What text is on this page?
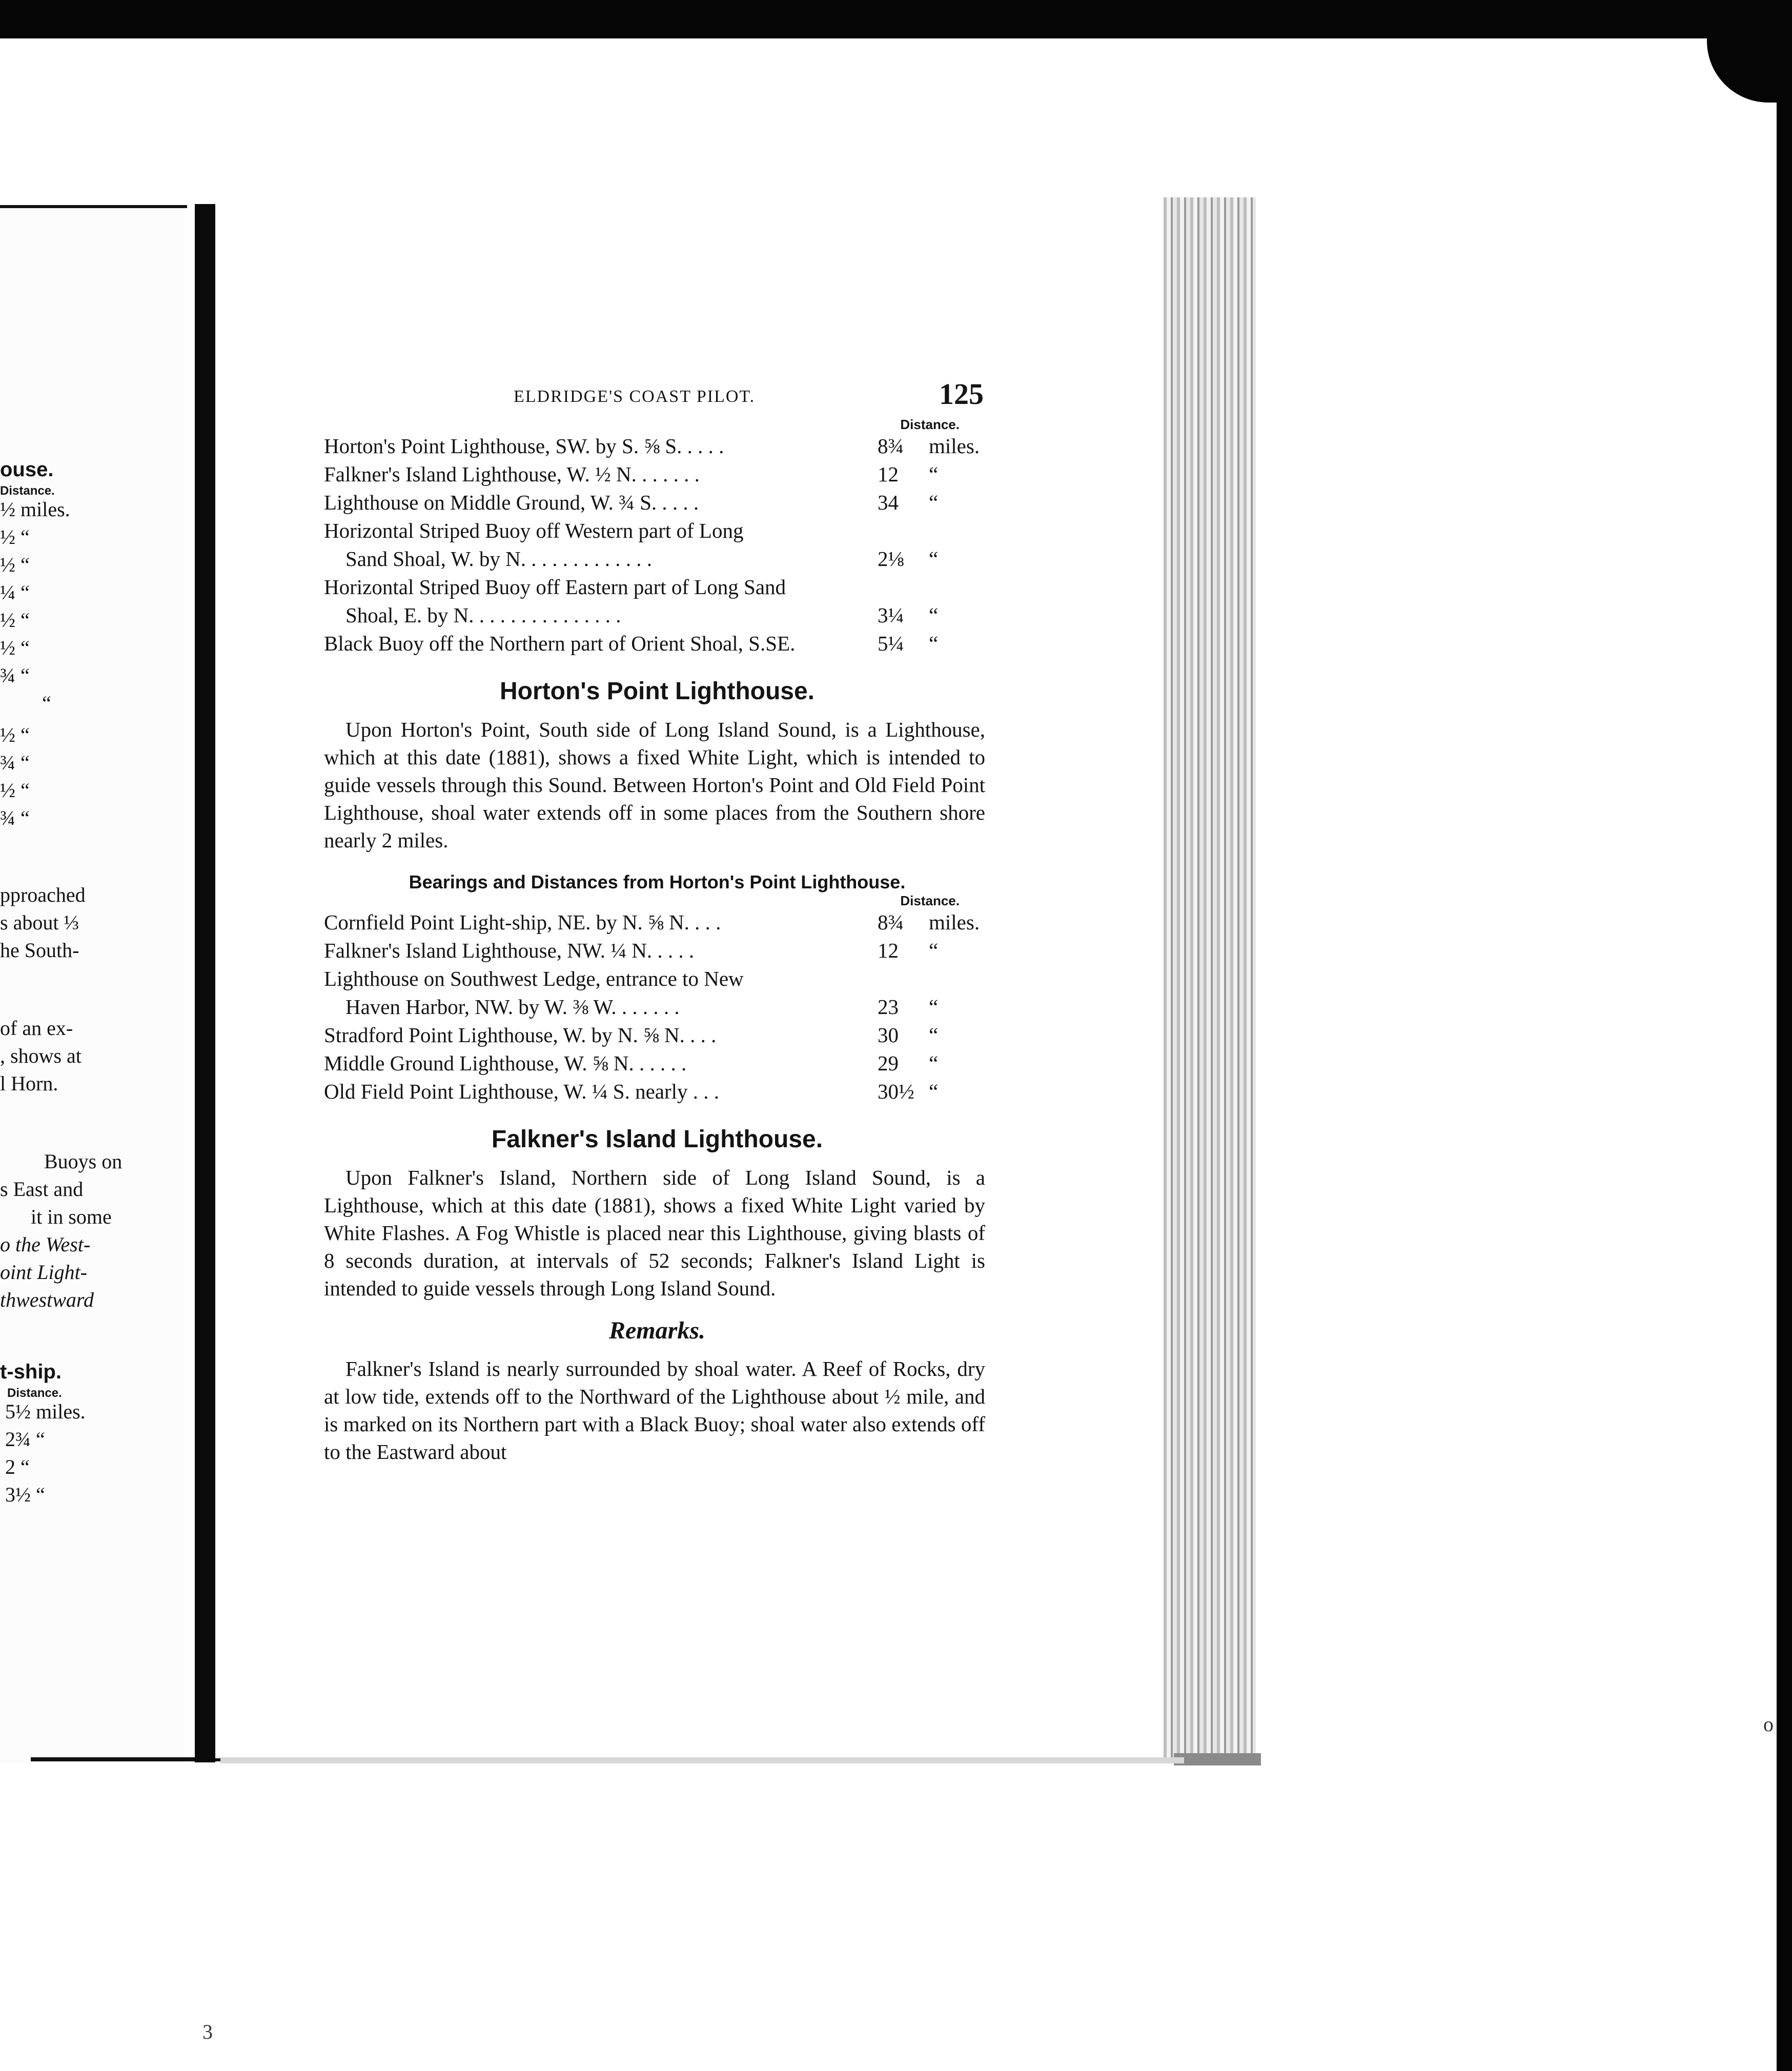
ouse.
Distance.
½ miles.
½ “
½ “
¼ “
½ “
½ “
¾ “
“
½ “
¾ “
½ “
¾ “
pproached
s about ⅓
he South-
of an ex-
, shows at
l Horn.
Buoys on
s East and
it in some
o the West-
oint Light-
thwestward
t-ship.
Distance.
5½ miles.
2¾ “
2 “
3½ “
ELDRIDGE'S COAST PILOT.	125
Distance.
Horton's Point Lighthouse, SW. by S. ⅝ S. . . . .	8¾ miles.
Falkner's Island Lighthouse, W. ½ N. . . . . . .	12 “
Lighthouse on Middle Ground, W. ¾ S. . . . .	34 “
Horizontal Striped Buoy off Western part of Long
Sand Shoal, W. by N. . . . . . . . . . . . .	2⅛ “
Horizontal Striped Buoy off Eastern part of Long Sand
Shoal, E. by N. . . . . . . . . . . . . . .	3¼ “
Black Buoy off the Northern part of Orient Shoal, S.SE.	5¼ “
Horton's Point Lighthouse.
Upon Horton's Point, South side of Long Island Sound, is a Lighthouse, which at this date (1881), shows a fixed White Light, which is intended to guide vessels through this Sound. Between Horton's Point and Old Field Point Lighthouse, shoal water extends off in some places from the Southern shore nearly 2 miles.
Bearings and Distances from Horton's Point Lighthouse.
Distance.
Cornfield Point Light-ship, NE. by N. ⅝ N. . . .	8¾ miles.
Falkner's Island Lighthouse, NW. ¼ N. . . . .	12 “
Lighthouse on Southwest Ledge, entrance to New
Haven Harbor, NW. by W. ⅜ W. . . . . . .	23 “
Stradford Point Lighthouse, W. by N. ⅝ N. . . .	30 “
Middle Ground Lighthouse, W. ⅝ N. . . . . .	29 “
Old Field Point Lighthouse, W. ¼ S. nearly . . .	30½ “
Falkner's Island Lighthouse.
Upon Falkner's Island, Northern side of Long Island Sound, is a Lighthouse, which at this date (1881), shows a fixed White Light varied by White Flashes. A Fog Whistle is placed near this Lighthouse, giving blasts of 8 seconds duration, at intervals of 52 seconds; Falkner's Island Light is intended to guide vessels through Long Island Sound.
Remarks.
Falkner's Island is nearly surrounded by shoal water. A Reef of Rocks, dry at low tide, extends off to the Northward of the Lighthouse about ½ mile, and is marked on its Northern part with a Black Buoy; shoal water also extends off to the Eastward about
3
o
